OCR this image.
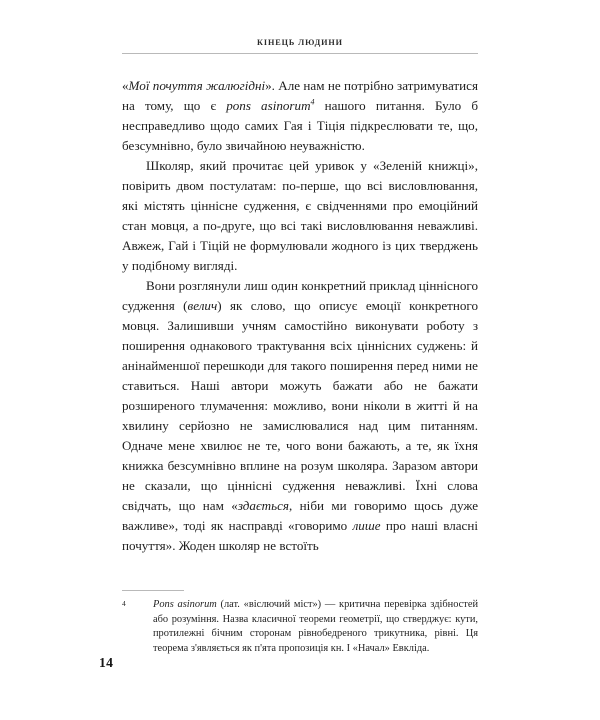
КІНЕЦЬ ЛЮДИНИ

«Мої почуття жалюгідні». Але нам не потрібно затримуватися на тому, що є pons asinorum$^4$ нашого питання. Було б несправедливо щодо самих Гая і Тіція підкреслювати те, що, безсумнівно, було звичайною неуважністю.

Школяр, який прочитає цей уривок у «Зеленій книжці», повірить двом постулатам: по-перше, що всі висловлювання, які містять ціннісне судження, є свідченнями про емоційний стан мовця, а по-друге, що всі такі висловлювання неважливі. Авжеж, Гай і Тіцій не формулювали жодного із цих тверджень у подібному вигляді.

Вони розглянули лиш один конкретний приклад ціннісного судження (велич) як слово, що описує емоції конкретного мовця. Залишивши учням самостійно виконувати роботу з поширення однакового трактування всіх ціннісних суджень: й анінайменшої перешкоди для такого поширення перед ними не ставиться. Наші автори можуть бажати або не бажати розширеного тлумачення: можливо, вони ніколи в житті й на хвилину серйозно не замислювалися над цим питанням. Одначе мене хвилює не те, чого вони бажають, а те, як їхня книжка безсумнівно вплине на розум школяра. Заразом автори не сказали, що ціннісні судження неважливі. Їхні слова свідчать, що нам «здається, ніби ми говоримо щось дуже важливе», тоді як насправді «говоримо лише про наші власні почуття». Жоден школяр не встоїть

4	Pons asinorum (лат. «віслючий міст») — критична перевірка здібностей або розуміння. Назва класичної теореми геометрії, що стверджує: кути, протилежні бічним сторонам рівнобедреного трикутника, рівні. Ця теорема з'являється як п'ята пропозиція кн. І «Начал» Евкліда.
14
